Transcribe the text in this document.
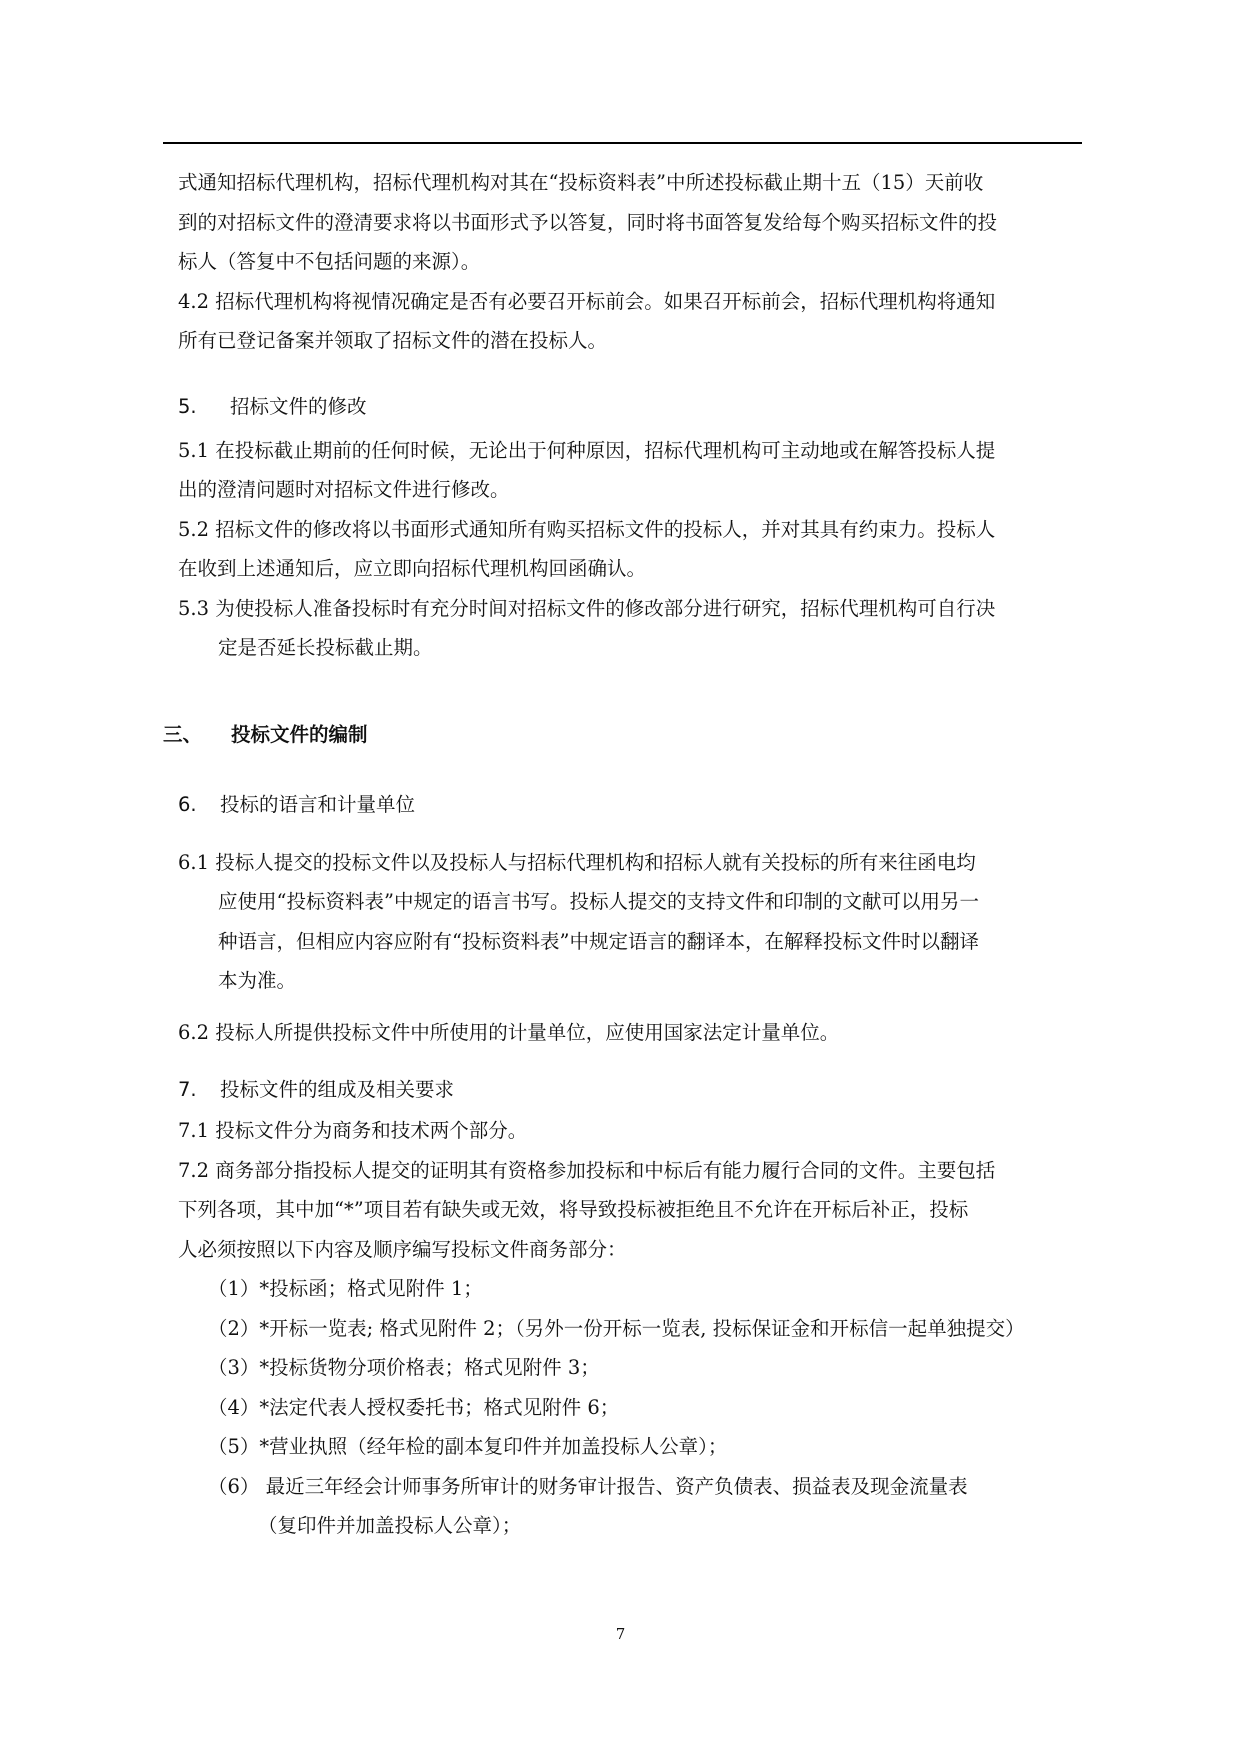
式通知招标代理机构，招标代理机构对其在“投标资料表”中所述投标截止期十五（15）天前收
到的对招标文件的澄清要求将以书面形式予以答复，同时将书面答复发给每个购买招标文件的投
标人（答复中不包括问题的来源）。
4.2 招标代理机构将视情况确定是否有必要召开标前会。如果召开标前会，招标代理机构将通知
所有已登记备案并领取了招标文件的潜在投标人。
5. 招标文件的修改
5.1 在投标截止期前的任何时候，无论出于何种原因，招标代理机构可主动地或在解答投标人提
出的澄清问题时对招标文件进行修改。
5.2 招标文件的修改将以书面形式通知所有购买招标文件的投标人，并对其具有约束力。投标人
在收到上述通知后，应立即向招标代理机构回函确认。
5.3 为使投标人准备投标时有充分时间对招标文件的修改部分进行研究，招标代理机构可自行决
定是否延长投标截止期。
三、 投标文件的编制
6. 投标的语言和计量单位
6.1 投标人提交的投标文件以及投标人与招标代理机构和招标人就有关投标的所有来往函电均
应使用“投标资料表”中规定的语言书写。投标人提交的支持文件和印制的文献可以用另一
种语言，但相应内容应附有“投标资料表”中规定语言的翻译本，在解释投标文件时以翻译
本为准。
6.2 投标人所提供投标文件中所使用的计量单位，应使用国家法定计量单位。
7. 投标文件的组成及相关要求
7.1 投标文件分为商务和技术两个部分。
7.2 商务部分指投标人提交的证明其有资格参加投标和中标后有能力履行合同的文件。主要包括
下列各项，其中加“*”项目若有缺失或无效，将导致投标被拒绝且不允许在开标后补正，投标
人必须按照以下内容及顺序编写投标文件商务部分：
（1）*投标函；格式见附件 1；
（2）*开标一览表; 格式见附件 2；（另外一份开标一览表, 投标保证金和开标信一起单独提交）
（3）*投标货物分项价格表；格式见附件 3；
（4）*法定代表人授权委托书；格式见附件 6；
（5）*营业执照（经年检的副本复印件并加盖投标人公章）；
（6） 最近三年经会计师事务所审计的财务审计报告、资产负债表、损益表及现金流量表
（复印件并加盖投标人公章）；
7
